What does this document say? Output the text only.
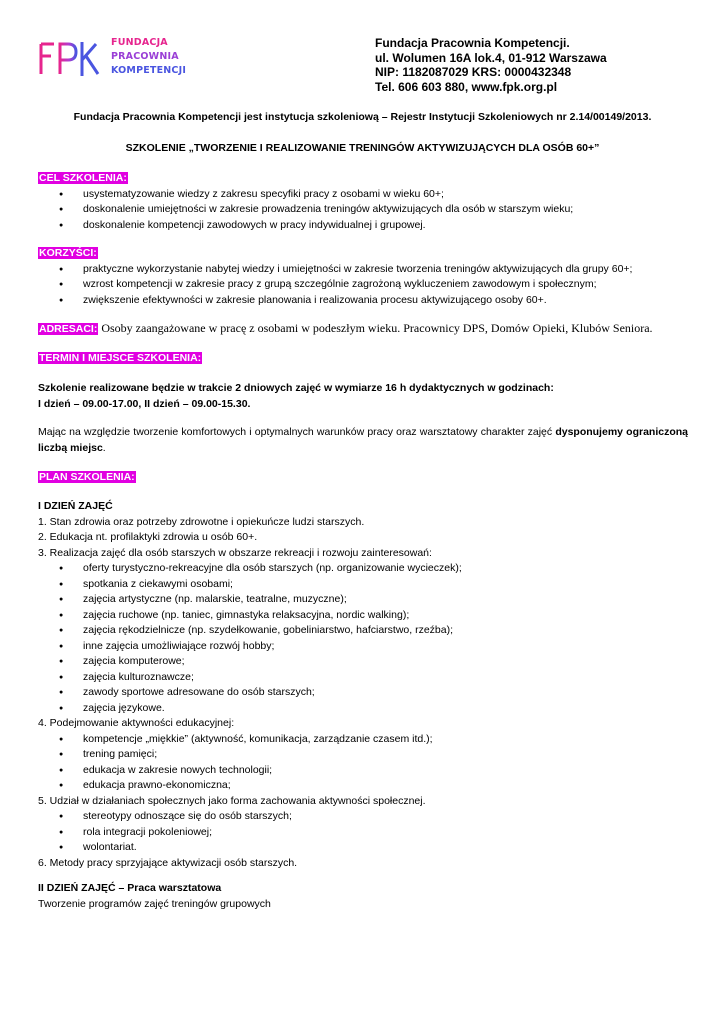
FUNDACJA
PRACOWNIA
KOMPETENCJI
Fundacja Pracownia Kompetencji.
ul. Wolumen 16A lok.4, 01-912 Warszawa
NIP: 1182087029 KRS: 0000432348
Tel. 606 603 880, www.fpk.org.pl
Fundacja Pracownia Kompetencji jest instytucja szkoleniową – Rejestr Instytucji Szkoleniowych nr 2.14/00149/2013.
SZKOLENIE „TWORZENIE I REALIZOWANIE TRENINGÓW AKTYWIZUJĄCYCH DLA OSÓB 60+”
CEL SZKOLENIA:
● usystematyzowanie wiedzy z zakresu specyfiki pracy z osobami w wieku 60+;
● doskonalenie umiejętności w zakresie prowadzenia treningów aktywizujących dla osób w starszym wieku;
● doskonalenie kompetencji zawodowych w pracy indywidualnej i grupowej.
KORZYŚCI:
● praktyczne wykorzystanie nabytej wiedzy i umiejętności w zakresie tworzenia treningów aktywizujących dla grupy 60+;
● wzrost kompetencji w zakresie pracy z grupą szczególnie zagrożoną wykluczeniem zawodowym i społecznym;
● zwiększenie efektywności w zakresie planowania i realizowania procesu aktywizującego osoby 60+.
ADRESACI: Osoby zaangażowane w pracę z osobami w podeszłym wieku. Pracownicy DPS, Domów Opieki, Klubów Seniora.
TERMIN I MIEJSCE SZKOLENIA:
Szkolenie realizowane będzie w trakcie 2 dniowych zajęć w wymiarze 16 h dydaktycznych w godzinach:
I dzień – 09.00-17.00, II dzień – 09.00-15.30.
Mając na względzie tworzenie komfortowych i optymalnych warunków pracy oraz warsztatowy charakter zajęć dysponujemy ograniczoną liczbą miejsc.
PLAN SZKOLENIA:
I DZIEŃ ZAJĘĆ
1. Stan zdrowia oraz potrzeby zdrowotne i opiekuńcze ludzi starszych.
2. Edukacja nt. profilaktyki zdrowia u osób 60+.
3. Realizacja zajęć dla osób starszych w obszarze rekreacji i rozwoju zainteresowań:
● oferty turystyczno-rekreacyjne dla osób starszych (np. organizowanie wycieczek);
● spotkania z ciekawymi osobami;
● zajęcia artystyczne (np. malarskie, teatralne, muzyczne);
● zajęcia ruchowe (np. taniec, gimnastyka relaksacyjna, nordic walking);
● zajęcia rękodzielnicze (np. szydełkowanie, gobeliniarstwo, hafciarstwo, rzeźba);
● inne zajęcia umożliwiające rozwój hobby;
● zajęcia komputerowe;
● zajęcia kulturoznawcze;
● zawody sportowe adresowane do osób starszych;
● zajęcia językowe.
4. Podejmowanie aktywności edukacyjnej:
● kompetencje „miękkie” (aktywność, komunikacja, zarządzanie czasem itd.);
● trening pamięci;
● edukacja w zakresie nowych technologii;
● edukacja prawno-ekonomiczna;
5. Udział w działaniach społecznych jako forma zachowania aktywności społecznej.
● stereotypy odnoszące się do osób starszych;
● rola integracji pokoleniowej;
● wolontariat.
6. Metody pracy sprzyjające aktywizacji osób starszych.
II DZIEŃ ZAJĘĆ – Praca warsztatowa
Tworzenie programów zajęć treningów grupowych
